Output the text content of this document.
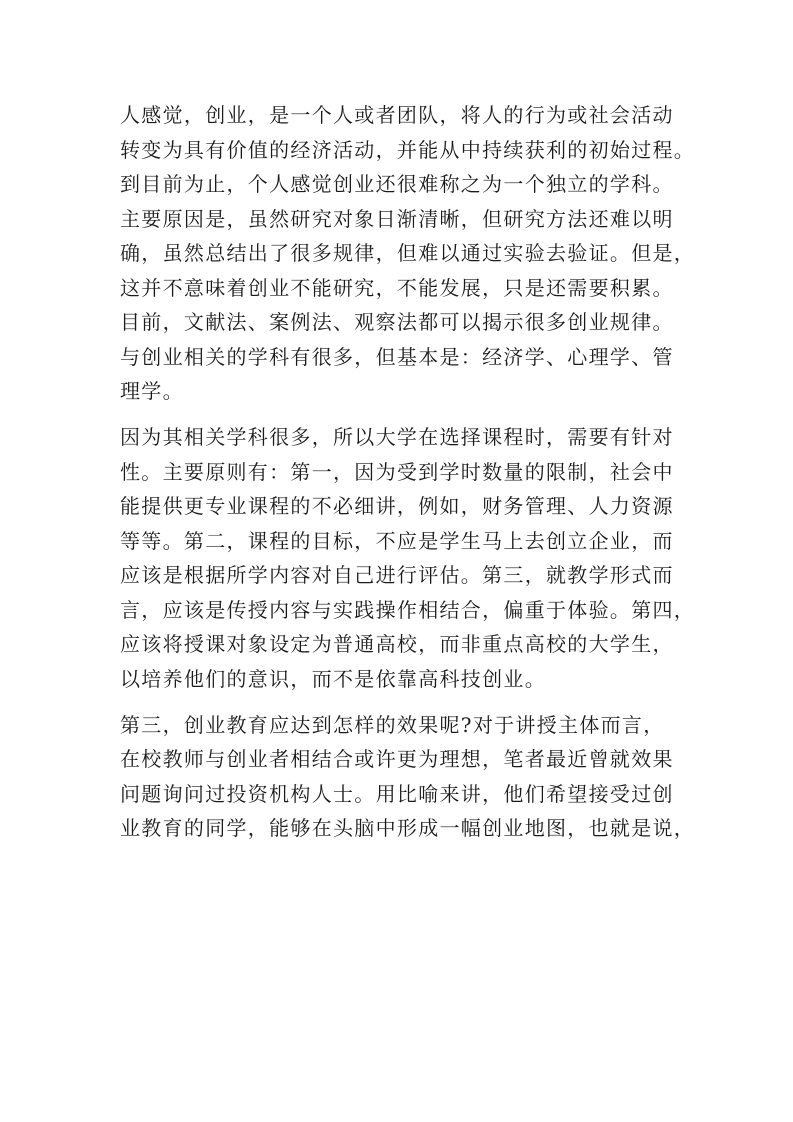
人感觉，创业，是一个人或者团队，将人的行为或社会活动
转变为具有价值的经济活动，并能从中持续获利的初始过程。
到目前为止，个人感觉创业还很难称之为一个独立的学科。
主要原因是，虽然研究对象日渐清晰，但研究方法还难以明
确，虽然总结出了很多规律，但难以通过实验去验证。但是，
这并不意味着创业不能研究，不能发展，只是还需要积累。
目前，文献法、案例法、观察法都可以揭示很多创业规律。
与创业相关的学科有很多，但基本是：经济学、心理学、管
理学。

因为其相关学科很多，所以大学在选择课程时，需要有针对
性。主要原则有：第一，因为受到学时数量的限制，社会中
能提供更专业课程的不必细讲，例如，财务管理、人力资源
等等。第二，课程的目标，不应是学生马上去创立企业，而
应该是根据所学内容对自己进行评估。第三，就教学形式而
言，应该是传授内容与实践操作相结合，偏重于体验。第四，
应该将授课对象设定为普通高校，而非重点高校的大学生，
以培养他们的意识，而不是依靠高科技创业。

第三，创业教育应达到怎样的效果呢?对于讲授主体而言，
在校教师与创业者相结合或许更为理想，笔者最近曾就效果
问题询问过投资机构人士。用比喻来讲，他们希望接受过创
业教育的同学，能够在头脑中形成一幅创业地图，也就是说，
